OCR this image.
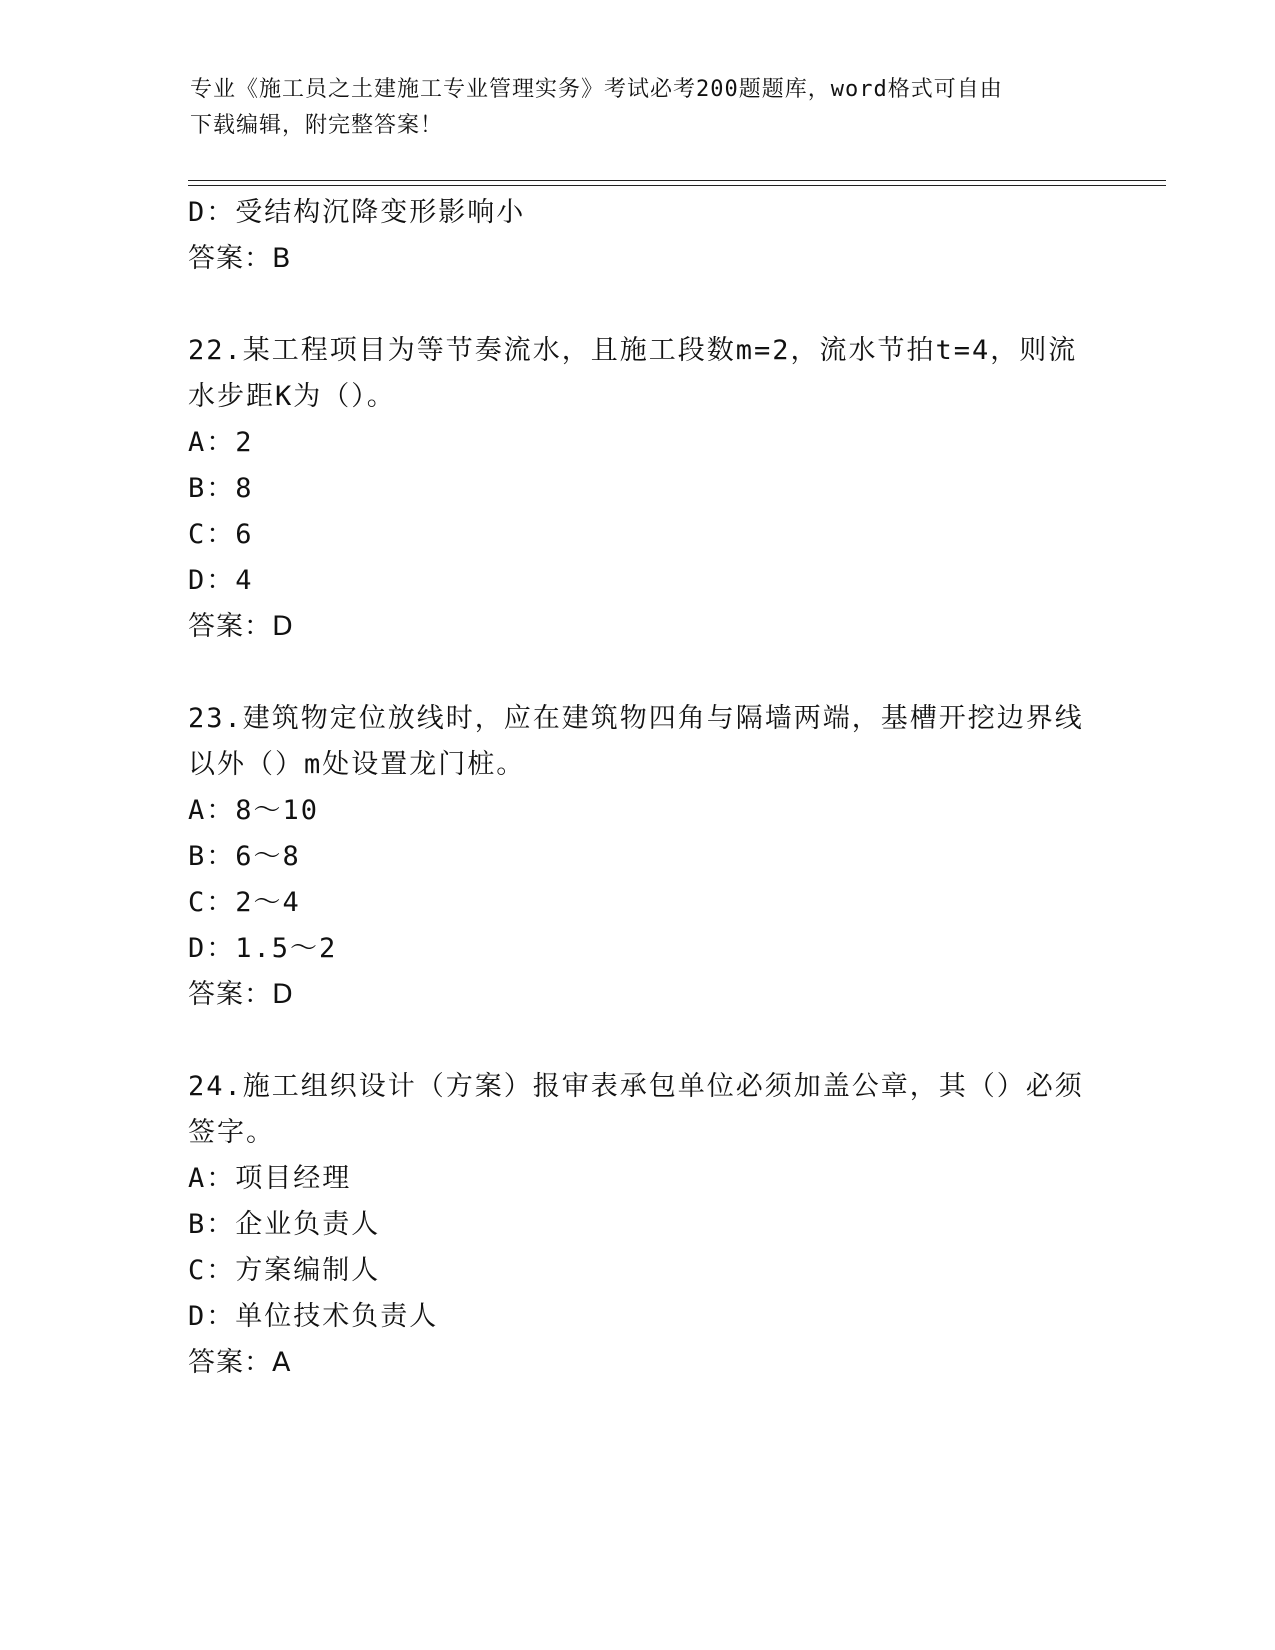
专业《施工员之土建施工专业管理实务》考试必考200题题库，word格式可自由
下载编辑，附完整答案！
D：受结构沉降变形影响小
答案：B
22.某工程项目为等节奏流水，且施工段数m=2，流水节拍t=4，则流
水步距K为（）。
A：2
B：8
C：6
D：4
答案：D
23.建筑物定位放线时，应在建筑物四角与隔墙两端，基槽开挖边界线
以外（）m处设置龙门桩。
A：8～10
B：6～8
C：2～4
D：1.5～2
答案：D
24.施工组织设计（方案）报审表承包单位必须加盖公章，其（）必须
签字。
A：项目经理
B：企业负责人
C：方案编制人
D：单位技术负责人
答案：A
